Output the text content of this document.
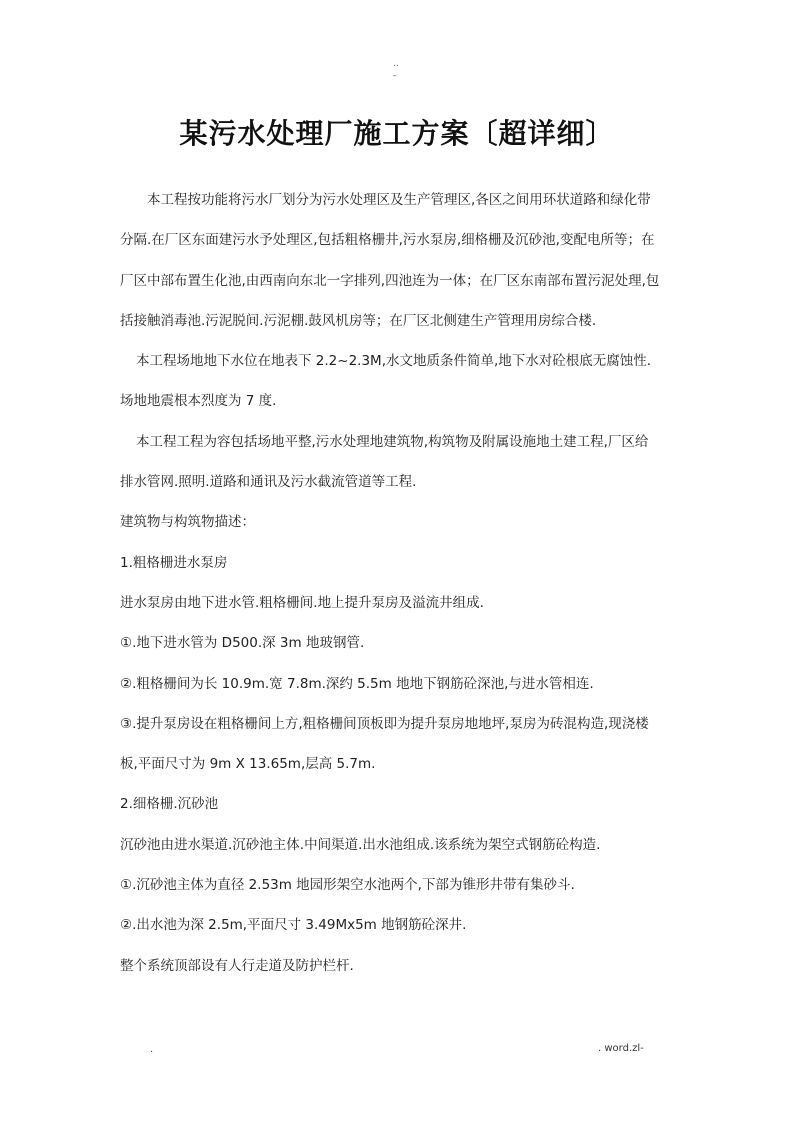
..
-
某污水处理厂施工方案〔超详细〕
本工程按功能将污水厂划分为污水处理区及生产管理区,各区之间用环状道路和绿化带
分隔.在厂区东面建污水予处理区,包括粗格栅井,污水泵房,细格栅及沉砂池,变配电所等；在
厂区中部布置生化池,由西南向东北一字排列,四池连为一体；在厂区东南部布置污泥处理,包
括接触消毒池.污泥脱间.污泥棚.鼓风机房等；在厂区北侧建生产管理用房综合楼.
本工程场地地下水位在地表下 2.2~2.3M,水文地质条件简单,地下水对砼根底无腐蚀性.
场地地震根本烈度为 7 度.
本工程工程为容包括场地平整,污水处理地建筑物,构筑物及附属设施地土建工程,厂区给
排水管网.照明.道路和通讯及污水截流管道等工程.
建筑物与构筑物描述：
1.粗格栅进水泵房
进水泵房由地下进水管.粗格栅间.地上提升泵房及溢流井组成.
①.地下进水管为 D500.深 3m 地玻钢管.
②.粗格栅间为长 10.9m.宽 7.8m.深约 5.5m 地地下钢筋砼深池,与进水管相连.
③.提升泵房设在粗格栅间上方,粗格栅间顶板即为提升泵房地地坪,泵房为砖混构造,现浇楼
板,平面尺寸为 9m X 13.65m,层高 5.7m.
2.细格栅.沉砂池
沉砂池由进水渠道.沉砂池主体.中间渠道.出水池组成.该系统为架空式钢筋砼构造.
①.沉砂池主体为直径 2.53m 地园形架空水池两个,下部为锥形井带有集砂斗.
②.出水池为深 2.5m,平面尺寸 3.49Mx5m 地钢筋砼深井.
整个系统顶部设有人行走道及防护栏杆.
.	. word.zl-
